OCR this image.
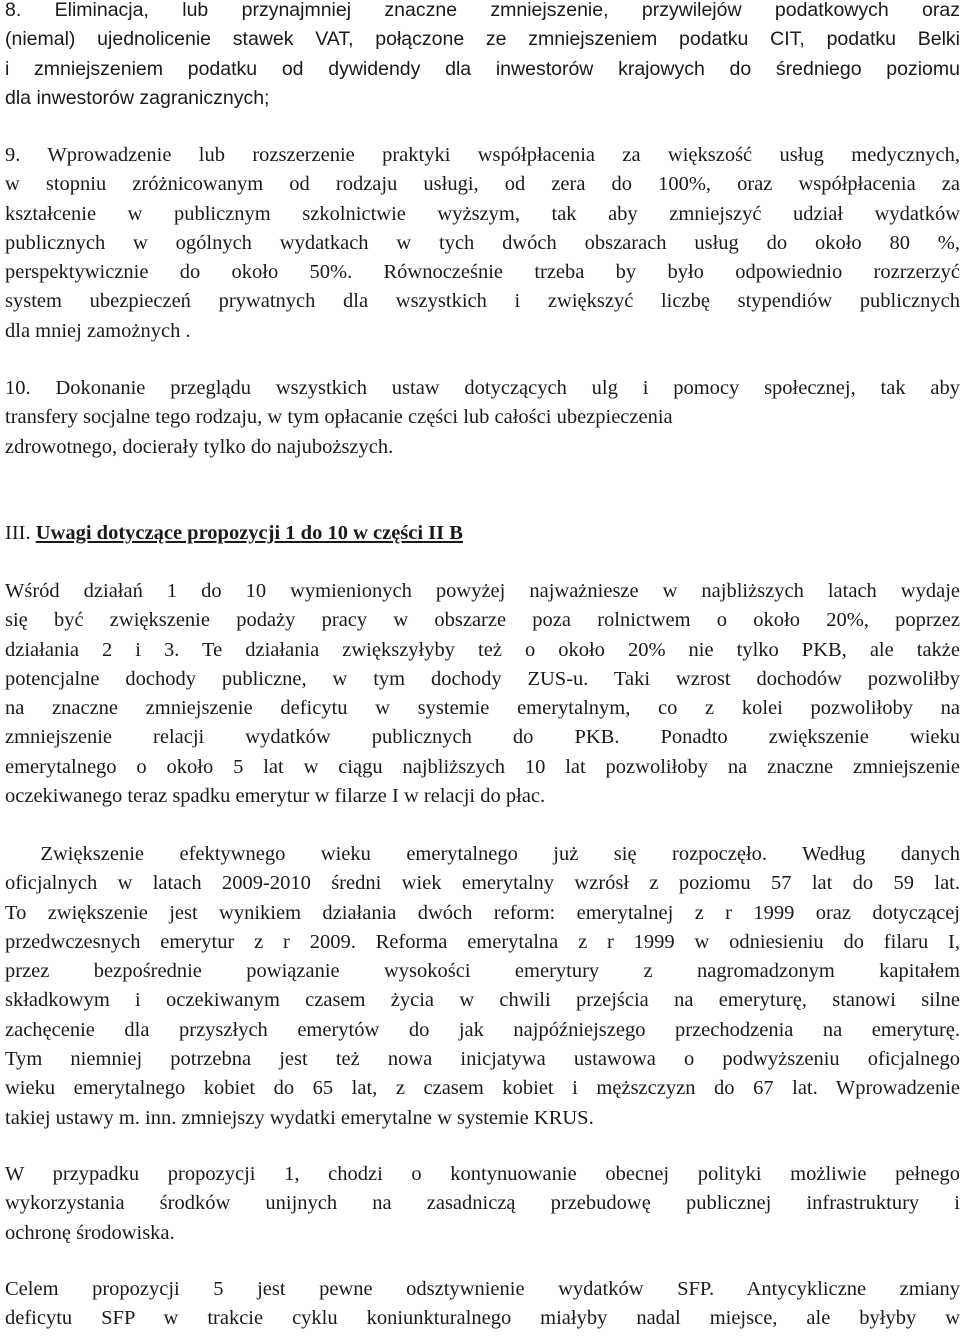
8. Eliminacja, lub przynajmniej znaczne zmniejszenie, przywilejów podatkowych oraz
(niemal) ujednolicenie stawek VAT, połączone ze zmniejszeniem podatku CIT, podatku Belki
i zmniejszeniem podatku od dywidendy dla inwestorów krajowych do średniego poziomu
dla inwestorów zagranicznych;
9. Wprowadzenie lub rozszerzenie praktyki współpłacenia za większość usług medycznych,
w stopniu zróżnicowanym od rodzaju usługi, od zera do 100%, oraz współpłacenia za
kształcenie w publicznym szkolnictwie wyższym, tak aby zmniejszyć udział wydatków
publicznych w ogólnych wydatkach w tych dwóch obszarach usług do około 80 %,
perspektywicznie do około 50%. Równocześnie trzeba by było odpowiednio rozrzerzyć
system ubezpieczeń prywatnych dla wszystkich i zwiększyć liczbę stypendiów publicznych
dla mniej zamożnych .
10. Dokonanie przeglądu wszystkich ustaw dotyczących ulg i pomocy społecznej, tak aby
transfery socjalne tego rodzaju, w tym opłacanie części lub całości ubezpieczenia
zdrowotnego, docierały tylko do najuboższych.
III. Uwagi dotyczące propozycji 1 do 10 w części II B
Wśród działań 1 do 10 wymienionych powyżej najważniesze w najbliższych latach wydaje
się być zwiększenie podaży pracy w obszarze poza rolnictwem o około 20%, poprzez
działania 2 i 3. Te działania zwiększyłyby też o około 20% nie tylko PKB, ale także
potencjalne dochody publiczne, w tym dochody ZUS-u. Taki wzrost dochodów pozwoliłby
na znaczne zmniejszenie deficytu w systemie emerytalnym, co z kolei pozwoliłoby na
zmniejszenie relacji wydatków publicznych do PKB. Ponadto zwiększenie wieku
emerytalnego o około 5 lat w ciągu najbliższych 10 lat pozwoliłoby na znaczne zmniejszenie
oczekiwanego teraz spadku emerytur w filarze I w relacji do płac.
Zwiększenie efektywnego wieku emerytalnego już się rozpoczęło. Według danych
oficjalnych w latach 2009-2010 średni wiek emerytalny wzrósł z poziomu 57 lat do 59 lat.
To zwiększenie jest wynikiem działania dwóch reform: emerytalnej z r 1999 oraz dotyczącej
przedwczesnych emerytur z r 2009. Reforma emerytalna z r 1999 w odniesieniu do filaru I,
przez bezpośrednie powiązanie wysokości emerytury z nagromadzonym kapitałem
składkowym i oczekiwanym czasem życia w chwili przejścia na emeryturę, stanowi silne
zachęcenie dla przyszłych emerytów do jak najpóźniejszego przechodzenia na emeryturę.
Tym niemniej potrzebna jest też nowa inicjatywa ustawowa o podwyższeniu oficjalnego
wieku emerytalnego kobiet do 65 lat, z czasem kobiet i męższczyzn do 67 lat. Wprowadzenie
takiej ustawy m. inn. zmniejszy wydatki emerytalne w systemie KRUS.
W przypadku propozycji 1, chodzi o kontynuowanie obecnej polityki możliwie pełnego
wykorzystania środków unijnych na zasadniczą przebudowę publicznej infrastruktury i
ochronę środowiska.
Celem propozycji 5 jest pewne odsztywnienie wydatków SFP. Antycykliczne zmiany
deficytu SFP w trakcie cyklu koniunkturalnego miałyby nadal miejsce, ale byłyby w
